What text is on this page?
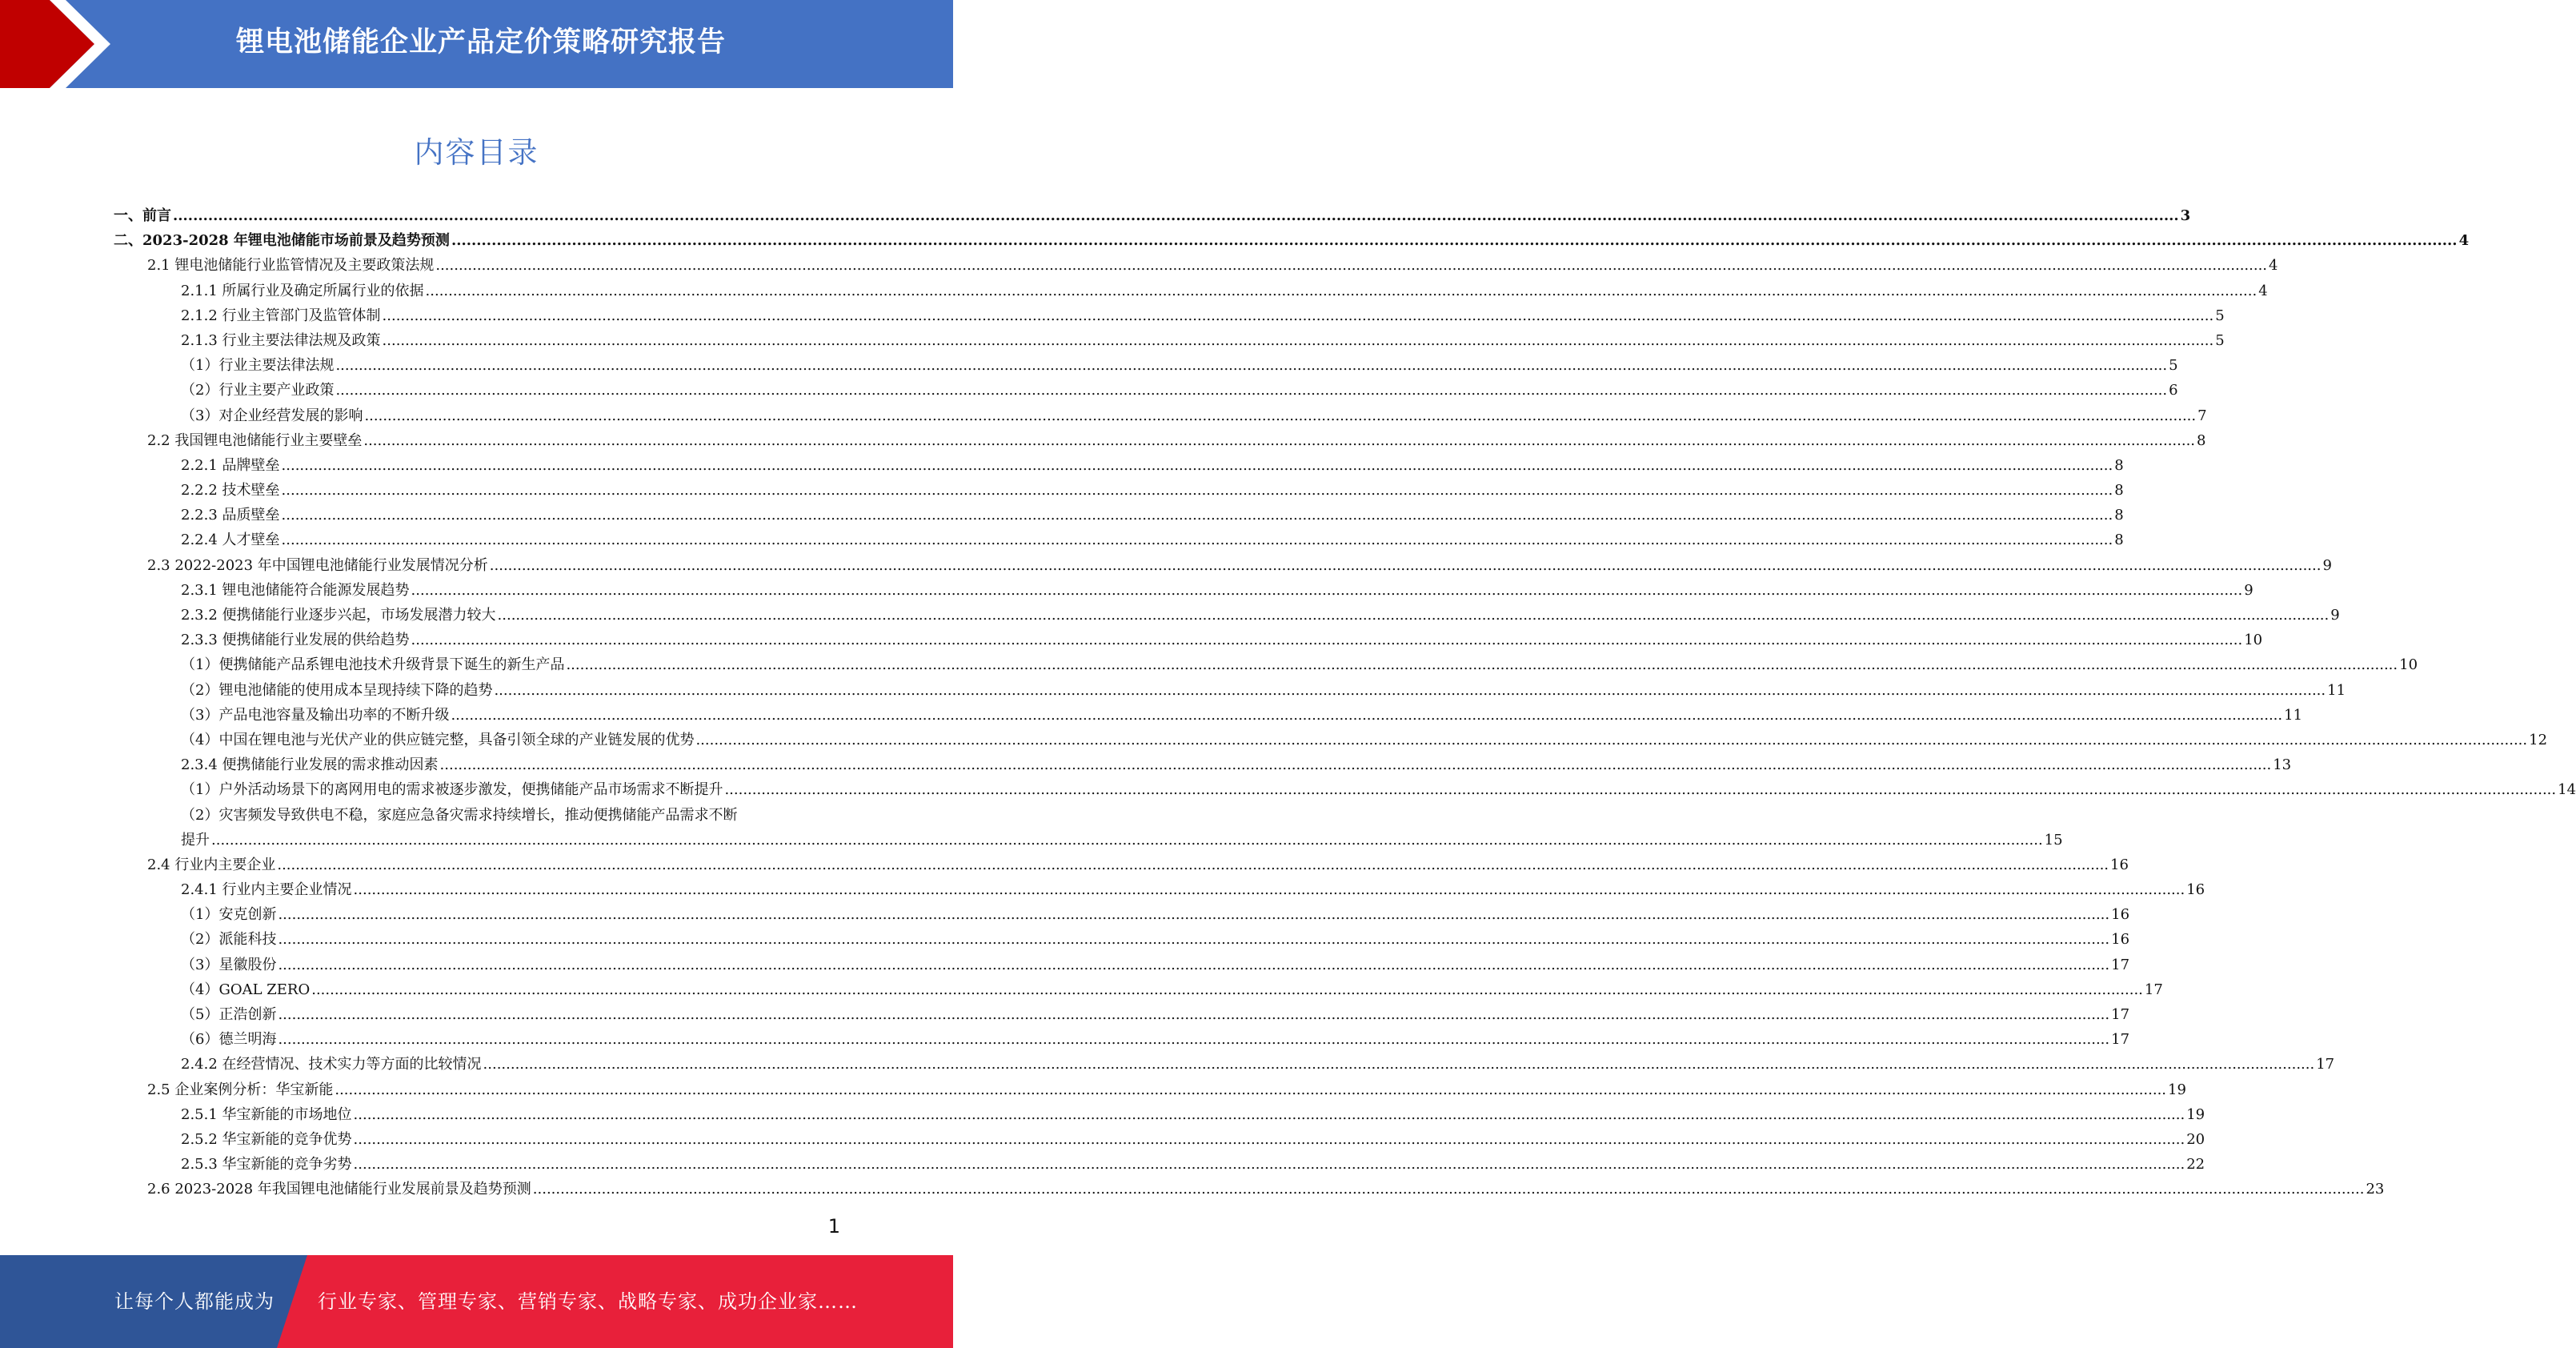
锂电池储能企业产品定价策略研究报告
内容目录
一、前言 ................................................................................................................................................................................................................................................................................................................................................................................................................ 3
二、2023-2028 年锂电池储能市场前景及趋势预测 ................................................................................................................................................................................................................................................................................................................................................................................................................ 4
2.1 锂电池储能行业监管情况及主要政策法规 ................................................................................................................................................................................................................................................................................................................................................................................................................ 4
2.1.1 所属行业及确定所属行业的依据 ................................................................................................................................................................................................................................................................................................................................................................................................................ 4
2.1.2 行业主管部门及监管体制 ................................................................................................................................................................................................................................................................................................................................................................................................................ 5
2.1.3 行业主要法律法规及政策 ................................................................................................................................................................................................................................................................................................................................................................................................................ 5
（1）行业主要法律法规 ................................................................................................................................................................................................................................................................................................................................................................................................................ 5
（2）行业主要产业政策 ................................................................................................................................................................................................................................................................................................................................................................................................................ 6
（3）对企业经营发展的影响 ................................................................................................................................................................................................................................................................................................................................................................................................................ 7
2.2 我国锂电池储能行业主要壁垒 ................................................................................................................................................................................................................................................................................................................................................................................................................ 8
2.2.1 品牌壁垒 ................................................................................................................................................................................................................................................................................................................................................................................................................ 8
2.2.2 技术壁垒 ................................................................................................................................................................................................................................................................................................................................................................................................................ 8
2.2.3 品质壁垒 ................................................................................................................................................................................................................................................................................................................................................................................................................ 8
2.2.4 人才壁垒 ................................................................................................................................................................................................................................................................................................................................................................................................................ 8
2.3 2022-2023 年中国锂电池储能行业发展情况分析 ................................................................................................................................................................................................................................................................................................................................................................................................................ 9
2.3.1 锂电池储能符合能源发展趋势 ................................................................................................................................................................................................................................................................................................................................................................................................................ 9
2.3.2 便携储能行业逐步兴起，市场发展潜力较大 ................................................................................................................................................................................................................................................................................................................................................................................................................ 9
2.3.3 便携储能行业发展的供给趋势 ................................................................................................................................................................................................................................................................................................................................................................................................................ 10
（1）便携储能产品系锂电池技术升级背景下诞生的新生产品 ................................................................................................................................................................................................................................................................................................................................................................................................................ 10
（2）锂电池储能的使用成本呈现持续下降的趋势 ................................................................................................................................................................................................................................................................................................................................................................................................................ 11
（3）产品电池容量及输出功率的不断升级 ................................................................................................................................................................................................................................................................................................................................................................................................................ 11
（4）中国在锂电池与光伏产业的供应链完整，具备引领全球的产业链发展的优势 ................................................................................................................................................................................................................................................................................................................................................................................................................ 12
2.3.4 便携储能行业发展的需求推动因素 ................................................................................................................................................................................................................................................................................................................................................................................................................ 13
（1）户外活动场景下的离网用电的需求被逐步激发，便携储能产品市场需求不断提升 ................................................................................................................................................................................................................................................................................................................................................................................................................ 14
（2）灾害频发导致供电不稳，家庭应急备灾需求持续增长，推动便携储能产品需求不断
提升 ................................................................................................................................................................................................................................................................................................................................................................................................................ 15
2.4 行业内主要企业 ................................................................................................................................................................................................................................................................................................................................................................................................................ 16
2.4.1 行业内主要企业情况 ................................................................................................................................................................................................................................................................................................................................................................................................................ 16
（1）安克创新 ................................................................................................................................................................................................................................................................................................................................................................................................................ 16
（2）派能科技 ................................................................................................................................................................................................................................................................................................................................................................................................................ 16
（3）星徽股份 ................................................................................................................................................................................................................................................................................................................................................................................................................ 17
（4）GOAL ZERO ................................................................................................................................................................................................................................................................................................................................................................................................................ 17
（5）正浩创新 ................................................................................................................................................................................................................................................................................................................................................................................................................ 17
（6）德兰明海 ................................................................................................................................................................................................................................................................................................................................................................................................................ 17
2.4.2 在经营情况、技术实力等方面的比较情况 ................................................................................................................................................................................................................................................................................................................................................................................................................ 17
2.5 企业案例分析：华宝新能 ................................................................................................................................................................................................................................................................................................................................................................................................................ 19
2.5.1 华宝新能的市场地位 ................................................................................................................................................................................................................................................................................................................................................................................................................ 19
2.5.2 华宝新能的竞争优势 ................................................................................................................................................................................................................................................................................................................................................................................................................ 20
2.5.3 华宝新能的竞争劣势 ................................................................................................................................................................................................................................................................................................................................................................................................................ 22
2.6 2023-2028 年我国锂电池储能行业发展前景及趋势预测 ................................................................................................................................................................................................................................................................................................................................................................................................................ 23
1
让每个人都能成为 行业专家、管理专家、营销专家、战略专家、成功企业家……
